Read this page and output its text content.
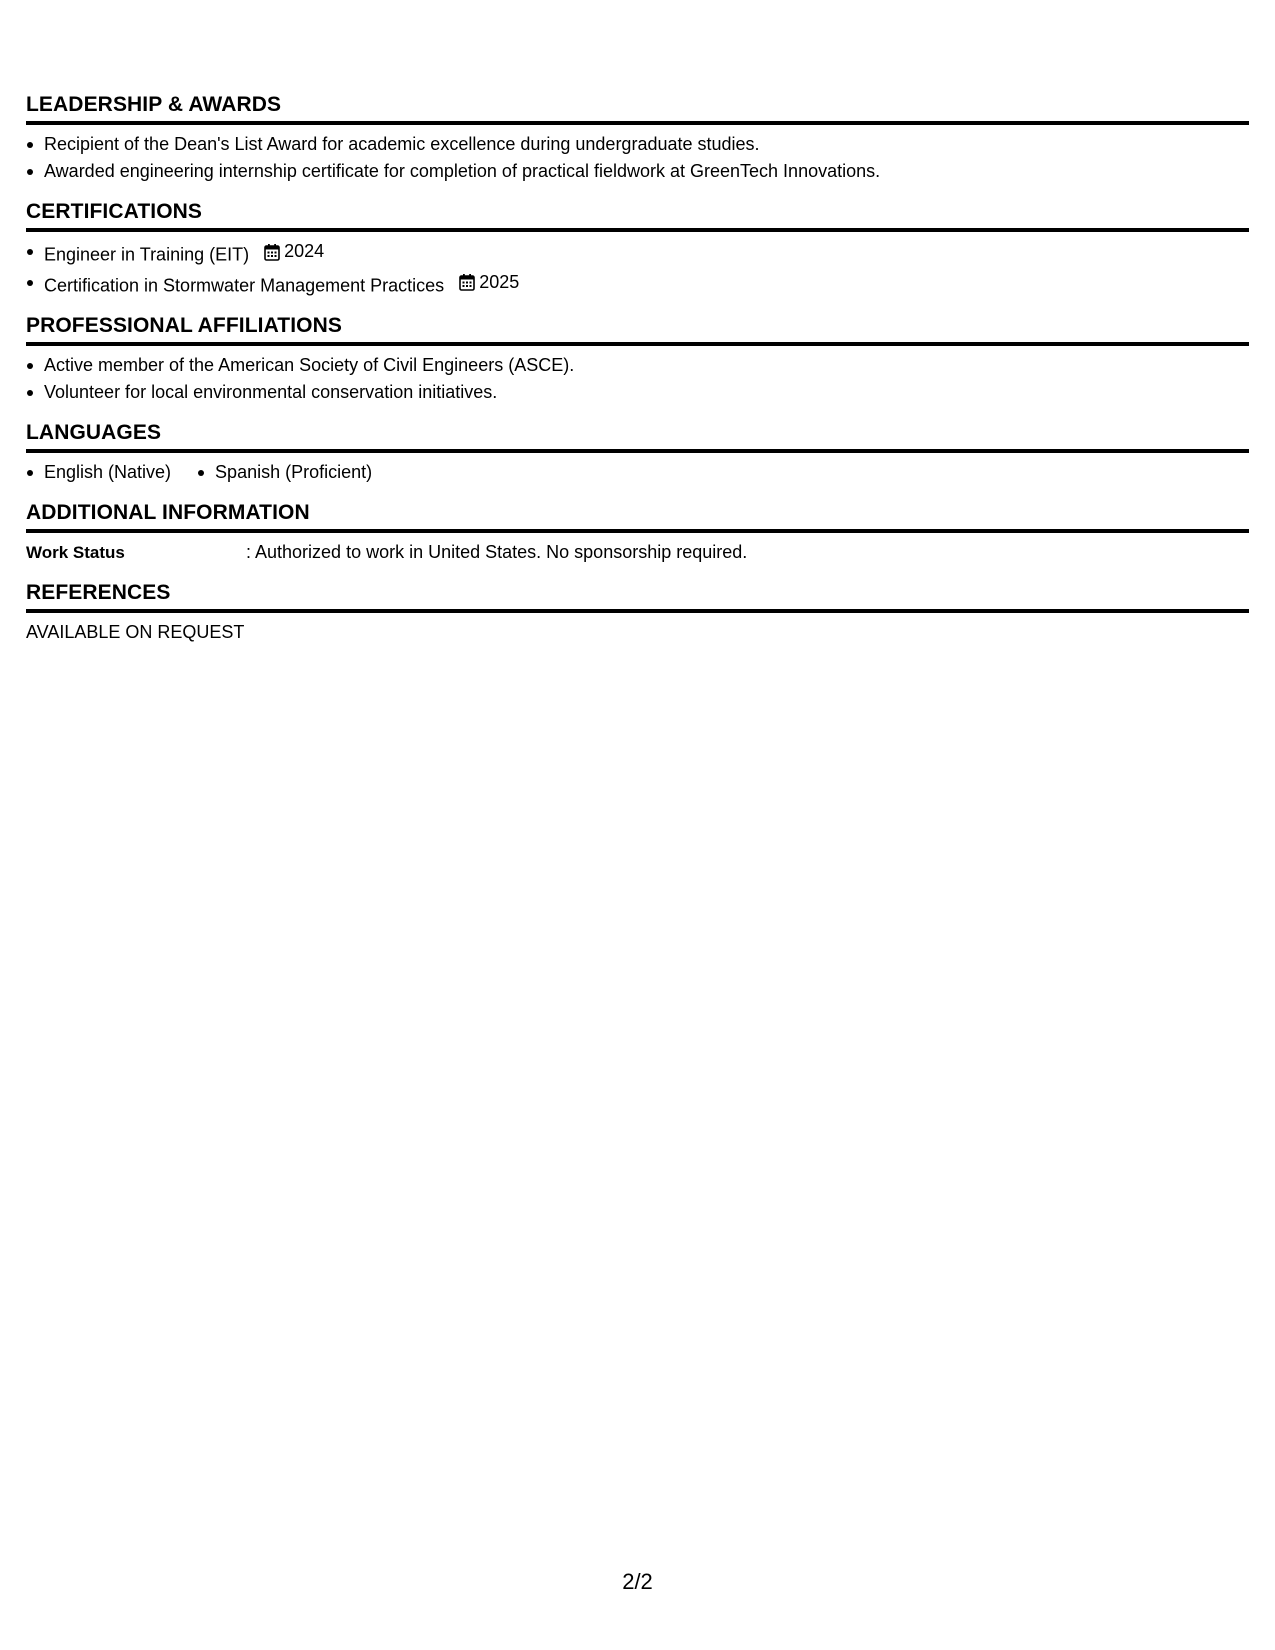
LEADERSHIP & AWARDS
Recipient of the Dean's List Award for academic excellence during undergraduate studies.
Awarded engineering internship certificate for completion of practical fieldwork at GreenTech Innovations.
CERTIFICATIONS
Engineer in Training (EIT) 2024
Certification in Stormwater Management Practices 2025
PROFESSIONAL AFFILIATIONS
Active member of the American Society of Civil Engineers (ASCE).
Volunteer for local environmental conservation initiatives.
LANGUAGES
English (Native)	Spanish (Proficient)
ADDITIONAL INFORMATION
Work Status	: Authorized to work in United States. No sponsorship required.
REFERENCES
AVAILABLE ON REQUEST
2/2
